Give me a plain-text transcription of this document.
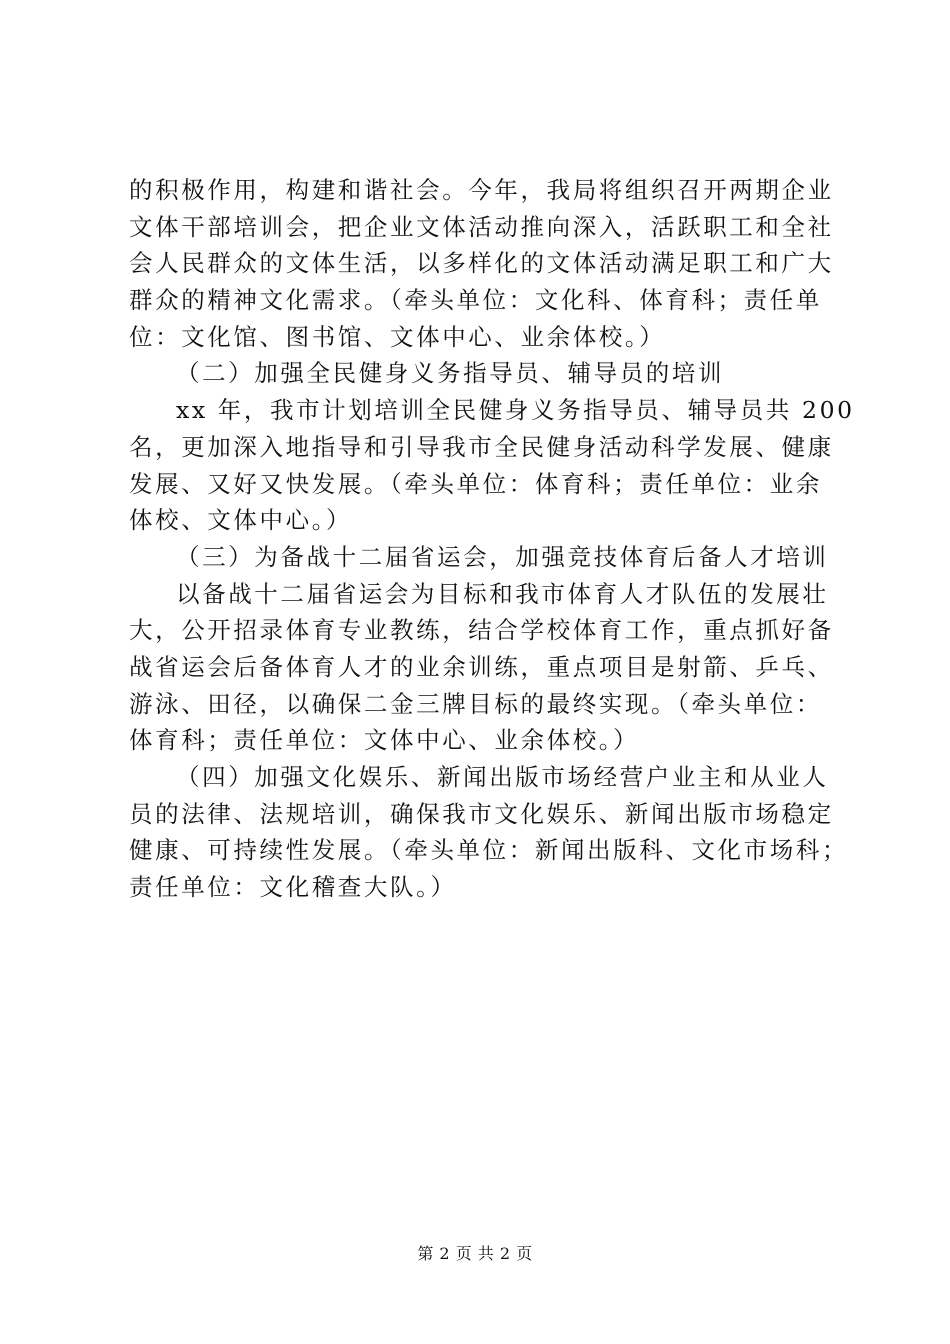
的积极作用，构建和谐社会。今年，我局将组织召开两期企业
文体干部培训会，把企业文体活动推向深入，活跃职工和全社
会人民群众的文体生活，以多样化的文体活动满足职工和广大
群众的精神文化需求。（牵头单位：文化科、体育科；责任单
位：文化馆、图书馆、文体中心、业余体校。）
（二）加强全民健身义务指导员、辅导员的培训
xx 年，我市计划培训全民健身义务指导员、辅导员共 200
名，更加深入地指导和引导我市全民健身活动科学发展、健康
发展、又好又快发展。（牵头单位：体育科；责任单位：业余
体校、文体中心。）
（三）为备战十二届省运会，加强竞技体育后备人才培训
以备战十二届省运会为目标和我市体育人才队伍的发展壮
大，公开招录体育专业教练，结合学校体育工作，重点抓好备
战省运会后备体育人才的业余训练，重点项目是射箭、乒乓、
游泳、田径，以确保二金三牌目标的最终实现。（牵头单位：
体育科；责任单位：文体中心、业余体校。）
（四）加强文化娱乐、新闻出版市场经营户业主和从业人
员的法律、法规培训，确保我市文化娱乐、新闻出版市场稳定
健康、可持续性发展。（牵头单位：新闻出版科、文化市场科；
责任单位：文化稽查大队。）
第 2 页 共 2 页
